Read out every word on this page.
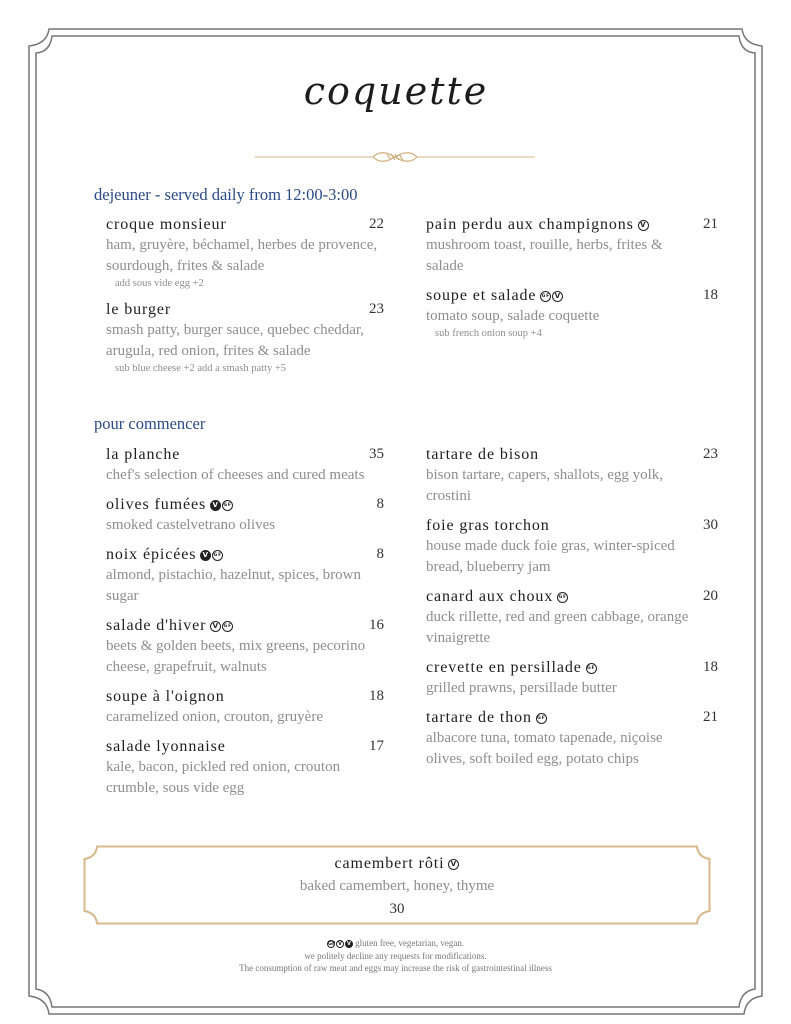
coquette
dejeuner - served daily from 12:00-3:00
croque monsieur	22
ham, gruyère, béchamel, herbes de provence, sourdough, frites & salade
add sous vide egg +2
le burger	23
smash patty, burger sauce, quebec cheddar, arugula, red onion, frites & salade
sub blue cheese +2 add a smash patty +5
pain perdu aux champignons V	21
mushroom toast, rouille, herbs, frites & salade
soupe et salade GF V	18
tomato soup, salade coquette
sub french onion soup +4
pour commencer
la planche	35
chef's selection of cheeses and cured meats
olives fumées V	GF	8
smoked castelvetrano olives
noix épicées V	GF	8
almond, pistachio, hazelnut, spices, brown sugar
salade d'hiver V	GF	16
beets & golden beets, mix greens, pecorino cheese, grapefruit, walnuts
soupe à l'oignon	18
caramelized onion, crouton, gruyère
salade lyonnaise	17
kale, bacon, pickled red onion, crouton crumble, sous vide egg
tartare de bison	23
bison tartare, capers, shallots, egg yolk, crostini
foie gras torchon	30
house made duck foie gras, winter-spiced bread, blueberry jam
canard aux choux GF	20
duck rillette, red and green cabbage, orange vinaigrette
crevette en persillade GF	18
grilled prawns, persillade butter
tartare de thon GF	21
albacore tuna, tomato tapenade, niçoise olives, soft boiled egg, potato chips
camembert rôti V
baked camembert, honey, thyme
30
GF V	V gluten free, vegetarian, vegan.
we politely decline any requests for modifications.
The consumption of raw meat and eggs may increase the risk of gastrointestinal illness
